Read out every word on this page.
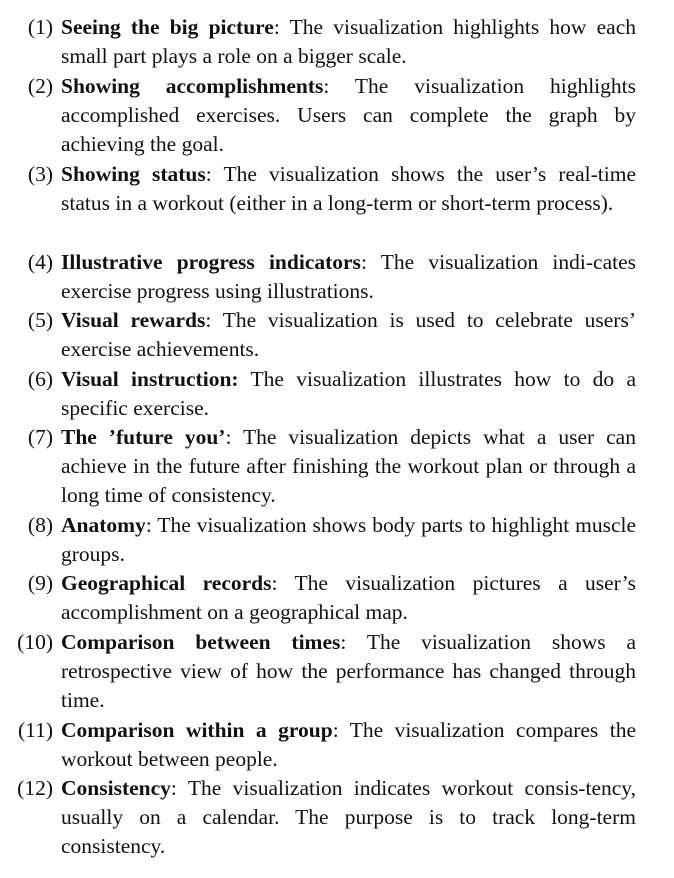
(1) Seeing the big picture: The visualization highlights how each small part plays a role on a bigger scale.
(2) Showing accomplishments: The visualization highlights accomplished exercises. Users can complete the graph by achieving the goal.
(3) Showing status: The visualization shows the user’s real-time status in a workout (either in a long-term or short-term process).
(4) Illustrative progress indicators: The visualization indi-cates exercise progress using illustrations.
(5) Visual rewards: The visualization is used to celebrate users’ exercise achievements.
(6) Visual instruction: The visualization illustrates how to do a specific exercise.
(7) The ’future you’: The visualization depicts what a user can achieve in the future after finishing the workout plan or through a long time of consistency.
(8) Anatomy: The visualization shows body parts to highlight muscle groups.
(9) Geographical records: The visualization pictures a user’s accomplishment on a geographical map.
(10) Comparison between times: The visualization shows a retrospective view of how the performance has changed through time.
(11) Comparison within a group: The visualization compares the workout between people.
(12) Consistency: The visualization indicates workout consis-tency, usually on a calendar. The purpose is to track long-term consistency.
